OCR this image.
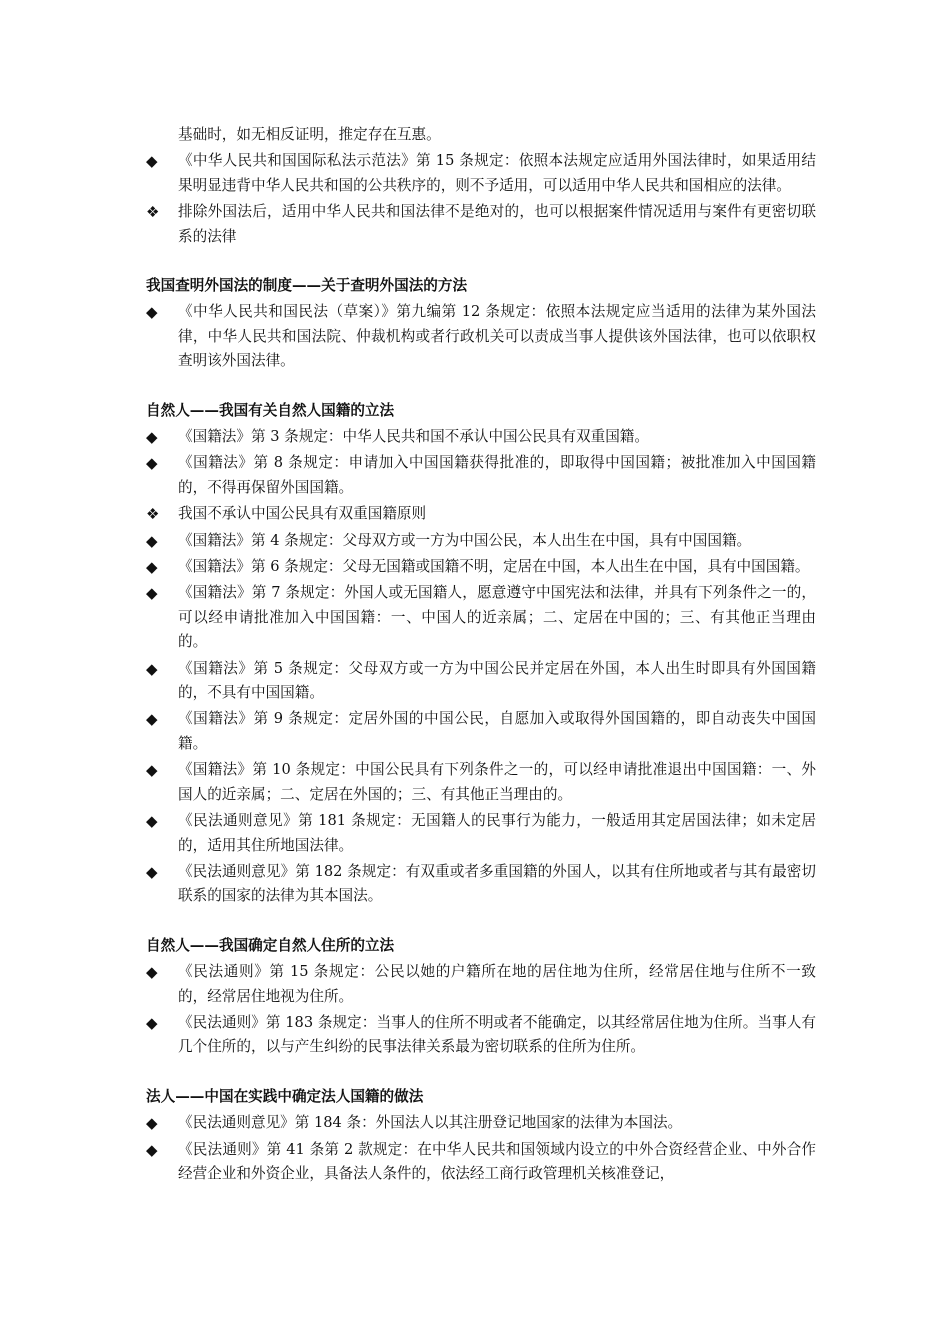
基础时，如无相反证明，推定存在互惠。
◆	《中华人民共和国国际私法示范法》第 15 条规定：依照本法规定应适用外国法律时，如果适用结果明显违背中华人民共和国的公共秩序的，则不予适用，可以适用中华人民共和国相应的法律。
❖	排除外国法后，适用中华人民共和国法律不是绝对的，也可以根据案件情况适用与案件有更密切联系的法律
我国查明外国法的制度——关于查明外国法的方法
◆	《中华人民共和国民法（草案）》第九编第 12 条规定：依照本法规定应当适用的法律为某外国法律，中华人民共和国法院、仲裁机构或者行政机关可以责成当事人提供该外国法律，也可以依职权查明该外国法律。
自然人——我国有关自然人国籍的立法
◆	《国籍法》第 3 条规定：中华人民共和国不承认中国公民具有双重国籍。
◆	《国籍法》第 8 条规定：申请加入中国国籍获得批准的，即取得中国国籍；被批准加入中国国籍的，不得再保留外国国籍。
❖	我国不承认中国公民具有双重国籍原则
◆	《国籍法》第 4 条规定：父母双方或一方为中国公民，本人出生在中国，具有中国国籍。
◆	《国籍法》第 6 条规定：父母无国籍或国籍不明，定居在中国，本人出生在中国，具有中国国籍。
◆	《国籍法》第 7 条规定：外国人或无国籍人，愿意遵守中国宪法和法律，并具有下列条件之一的，可以经申请批准加入中国国籍：一、中国人的近亲属；二、定居在中国的；三、有其他正当理由的。
◆	《国籍法》第 5 条规定：父母双方或一方为中国公民并定居在外国，本人出生时即具有外国国籍的，不具有中国国籍。
◆	《国籍法》第 9 条规定：定居外国的中国公民，自愿加入或取得外国国籍的，即自动丧失中国国籍。
◆	《国籍法》第 10 条规定：中国公民具有下列条件之一的，可以经申请批准退出中国国籍：一、外国人的近亲属；二、定居在外国的；三、有其他正当理由的。
◆	《民法通则意见》第 181 条规定：无国籍人的民事行为能力，一般适用其定居国法律；如未定居的，适用其住所地国法律。
◆	《民法通则意见》第 182 条规定：有双重或者多重国籍的外国人，以其有住所地或者与其有最密切联系的国家的法律为其本国法。
自然人——我国确定自然人住所的立法
◆	《民法通则》第 15 条规定：公民以她的户籍所在地的居住地为住所，经常居住地与住所不一致的，经常居住地视为住所。
◆	《民法通则》第 183 条规定：当事人的住所不明或者不能确定，以其经常居住地为住所。当事人有几个住所的，以与产生纠纷的民事法律关系最为密切联系的住所为住所。
法人——中国在实践中确定法人国籍的做法
◆	《民法通则意见》第 184 条：外国法人以其注册登记地国家的法律为本国法。
◆	《民法通则》第 41 条第 2 款规定：在中华人民共和国领域内设立的中外合资经营企业、中外合作经营企业和外资企业，具备法人条件的，依法经工商行政管理机关核准登记，
